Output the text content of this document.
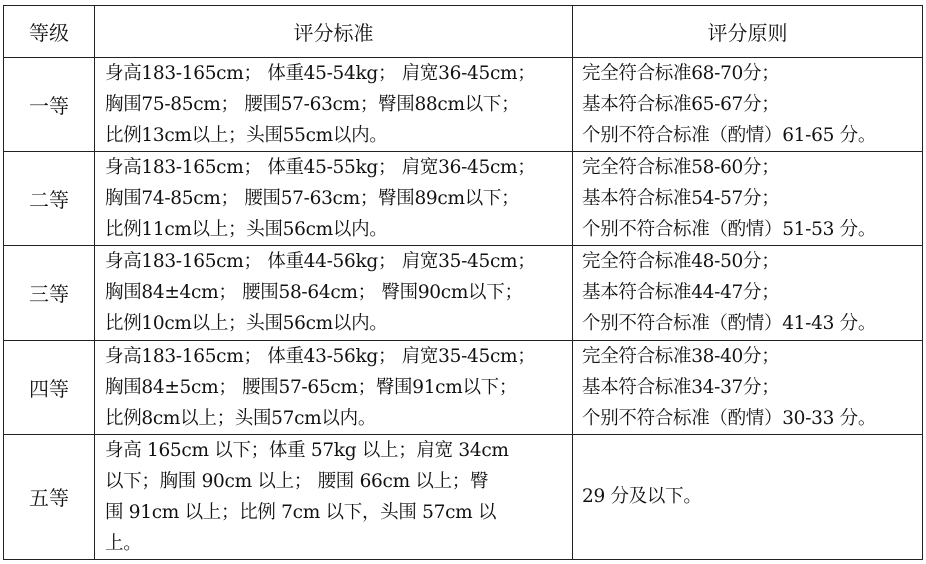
等级	评分标准	评分原则
一等	身高183-165cm； 体重45-54kg； 肩宽36-45cm；
胸围75-85cm； 腰围57-63cm；臀围88cm以下；
比例13cm以上；头围55cm以内。	完全符合标准68-70分；
基本符合标准65-67分；
个别不符合标准（酌情）61-65 分。

二等	身高183-165cm； 体重45-55kg； 肩宽36-45cm；
胸围74-85cm； 腰围57-63cm；臀围89cm以下；
比例11cm以上；头围56cm以内。	完全符合标准58-60分；
基本符合标准54-57分；
个别不符合标准（酌情）51-53 分。

三等	身高183-165cm； 体重44-56kg； 肩宽35-45cm；
胸围84±4cm； 腰围58-64cm； 臀围90cm以下；
比例10cm以上；头围56cm以内。	完全符合标准48-50分；
基本符合标准44-47分；
个别不符合标准（酌情）41-43 分。

四等	身高183-165cm； 体重43-56kg； 肩宽35-45cm；
胸围84±5cm； 腰围57-65cm；臀围91cm以下；
比例8cm以上；头围57cm以内。	完全符合标准38-40分；
基本符合标准34-37分；
个别不符合标准（酌情）30-33 分。

五等	身高 165cm 以下；体重 57kg 以上；肩宽 34cm
以下；胸围 90cm 以上； 腰围 66cm 以上；臀
围 91cm 以上；比例 7cm 以下，头围 57cm 以
上。	29 分及以下。
